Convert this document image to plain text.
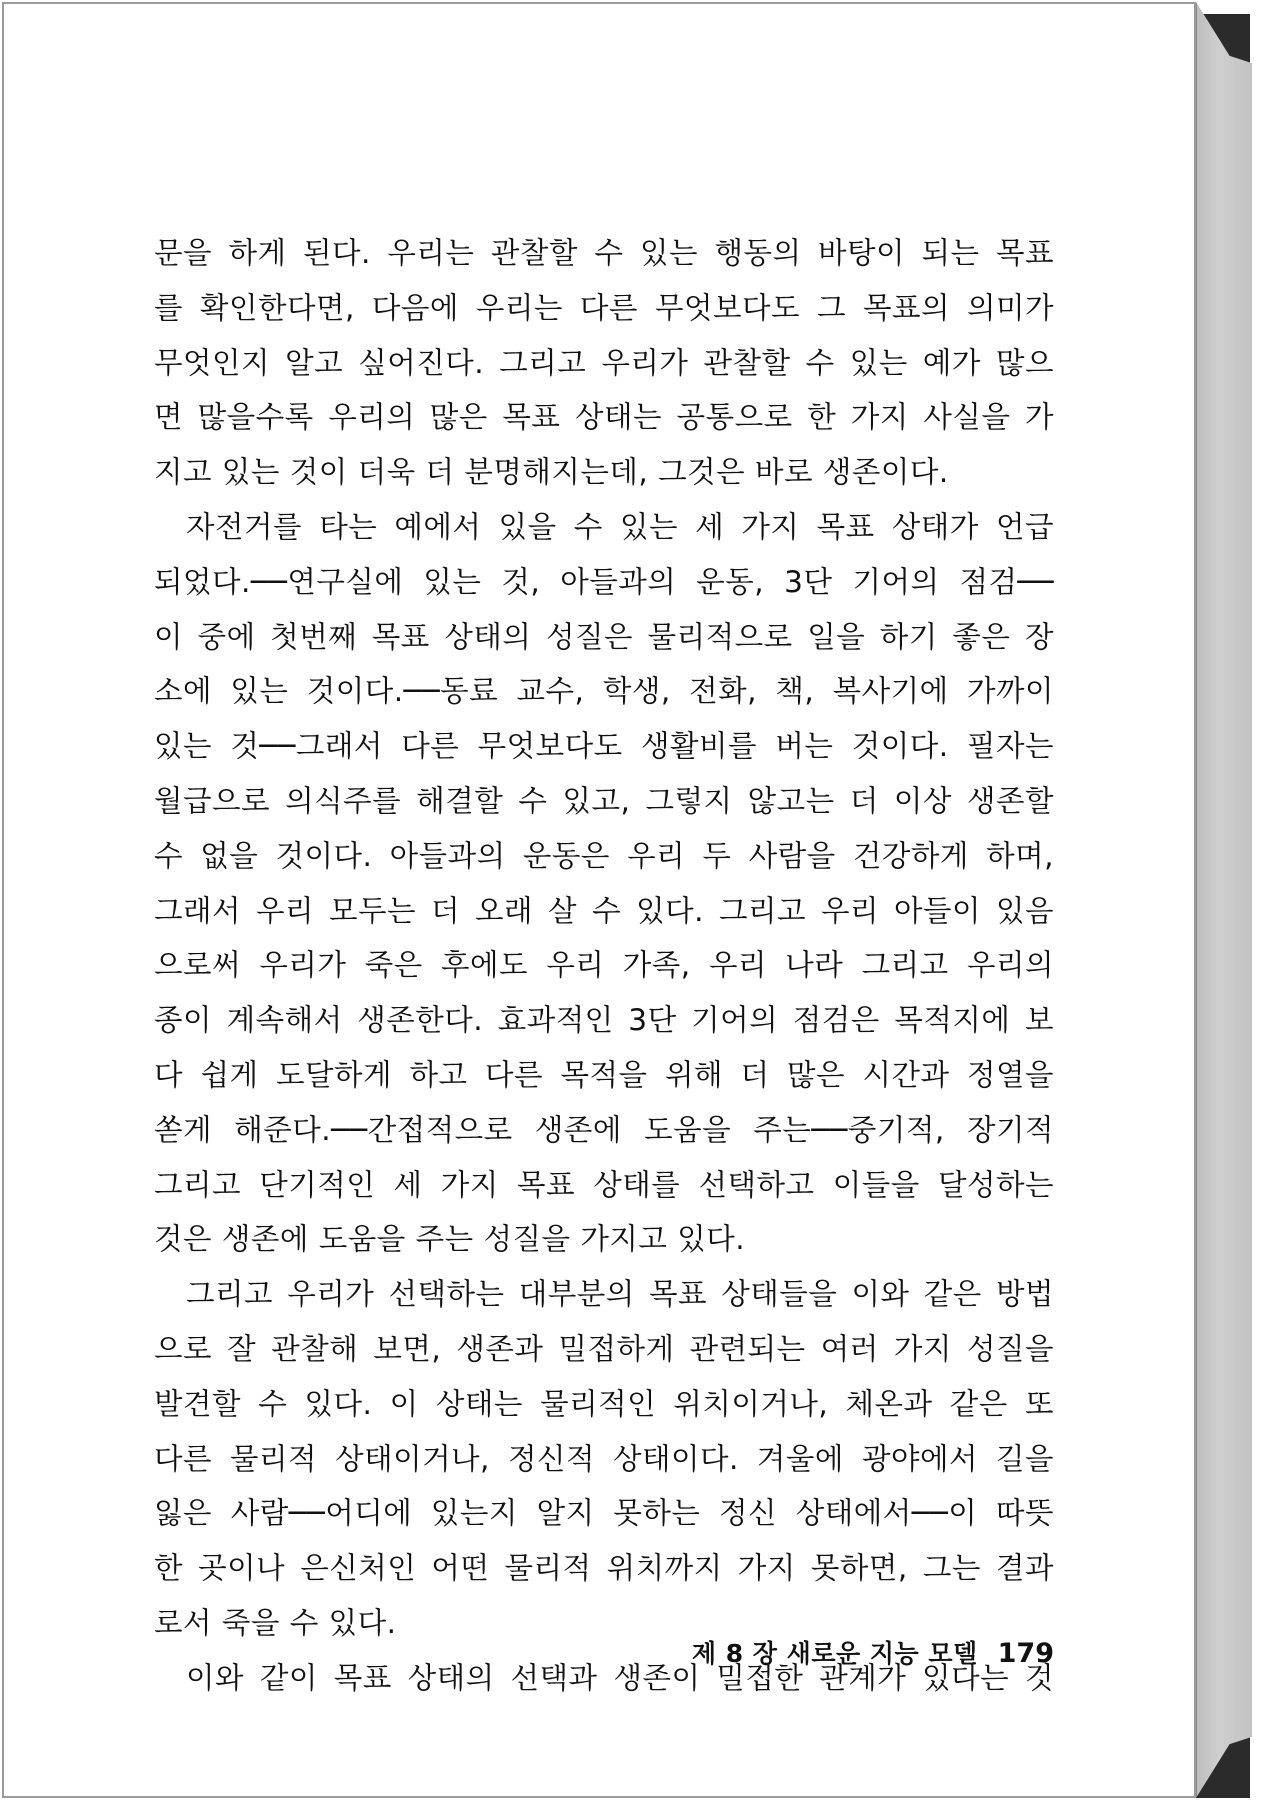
문을 하게 된다. 우리는 관찰할 수 있는 행동의 바탕이 되는 목표
를 확인한다면, 다음에 우리는 다른 무엇보다도 그 목표의 의미가
무엇인지 알고 싶어진다. 그리고 우리가 관찰할 수 있는 예가 많으
면 많을수록 우리의 많은 목표 상태는 공통으로 한 가지 사실을 가
지고 있는 것이 더욱 더 분명해지는데, 그것은 바로 생존이다.
자전거를 타는 예에서 있을 수 있는 세 가지 목표 상태가 언급
되었다.──연구실에 있는 것, 아들과의 운동, 3단 기어의 점검──
이 중에 첫번째 목표 상태의 성질은 물리적으로 일을 하기 좋은 장
소에 있는 것이다.──동료 교수, 학생, 전화, 책, 복사기에 가까이
있는 것──그래서 다른 무엇보다도 생활비를 버는 것이다. 필자는
월급으로 의식주를 해결할 수 있고, 그렇지 않고는 더 이상 생존할
수 없을 것이다. 아들과의 운동은 우리 두 사람을 건강하게 하며,
그래서 우리 모두는 더 오래 살 수 있다. 그리고 우리 아들이 있음
으로써 우리가 죽은 후에도 우리 가족, 우리 나라 그리고 우리의
종이 계속해서 생존한다. 효과적인 3단 기어의 점검은 목적지에 보
다 쉽게 도달하게 하고 다른 목적을 위해 더 많은 시간과 정열을
쏟게 해준다.──간접적으로 생존에 도움을 주는──중기적, 장기적
그리고 단기적인 세 가지 목표 상태를 선택하고 이들을 달성하는
것은 생존에 도움을 주는 성질을 가지고 있다.
그리고 우리가 선택하는 대부분의 목표 상태들을 이와 같은 방법
으로 잘 관찰해 보면, 생존과 밀접하게 관련되는 여러 가지 성질을
발견할 수 있다. 이 상태는 물리적인 위치이거나, 체온과 같은 또
다른 물리적 상태이거나, 정신적 상태이다. 겨울에 광야에서 길을
잃은 사람──어디에 있는지 알지 못하는 정신 상태에서──이 따뜻
한 곳이나 은신처인 어떤 물리적 위치까지 가지 못하면, 그는 결과
로서 죽을 수 있다.
이와 같이 목표 상태의 선택과 생존이 밀접한 관계가 있다는 것
제 8 장 새로운 지능 모델 179
